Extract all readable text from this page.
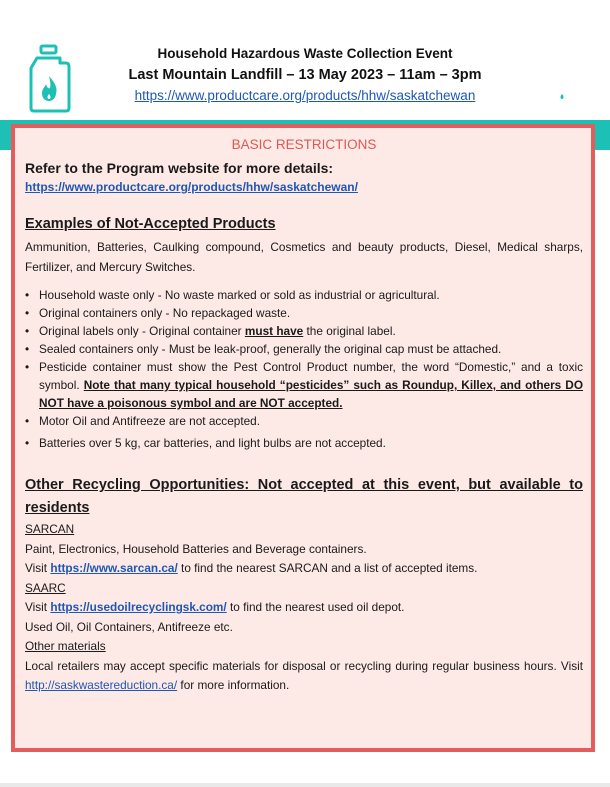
Household Hazardous Waste Collection Event
Last Mountain Landfill – 13 May 2023 – 11am – 3pm
https://www.productcare.org/products/hhw/saskatchewan
BASIC RESTRICTIONS
Refer to the Program website for more details:
https://www.productcare.org/products/hhw/saskatchewan/
Examples of Not-Accepted Products
Ammunition, Batteries, Caulking compound, Cosmetics and beauty products, Diesel, Medical sharps, Fertilizer, and Mercury Switches.
• Household waste only - No waste marked or sold as industrial or agricultural.
• Original containers only - No repackaged waste.
• Original labels only - Original container must have the original label.
• Sealed containers only - Must be leak-proof, generally the original cap must be attached.
• Pesticide container must show the Pest Control Product number, the word “Domestic,” and a toxic symbol. Note that many typical household “pesticides” such as Roundup, Killex, and others DO NOT have a poisonous symbol and are NOT accepted.
• Motor Oil and Antifreeze are not accepted.
• Batteries over 5 kg, car batteries, and light bulbs are not accepted.
Other Recycling Opportunities: Not accepted at this event, but available to residents
SARCAN
Paint, Electronics, Household Batteries and Beverage containers.
Visit https://www.sarcan.ca/ to find the nearest SARCAN and a list of accepted items.
SAARC
Visit https://usedoilrecyclingsk.com/ to find the nearest used oil depot.
Used Oil, Oil Containers, Antifreeze etc.
Other materials
Local retailers may accept specific materials for disposal or recycling during regular business hours. Visit http://saskwastereduction.ca/ for more information.
